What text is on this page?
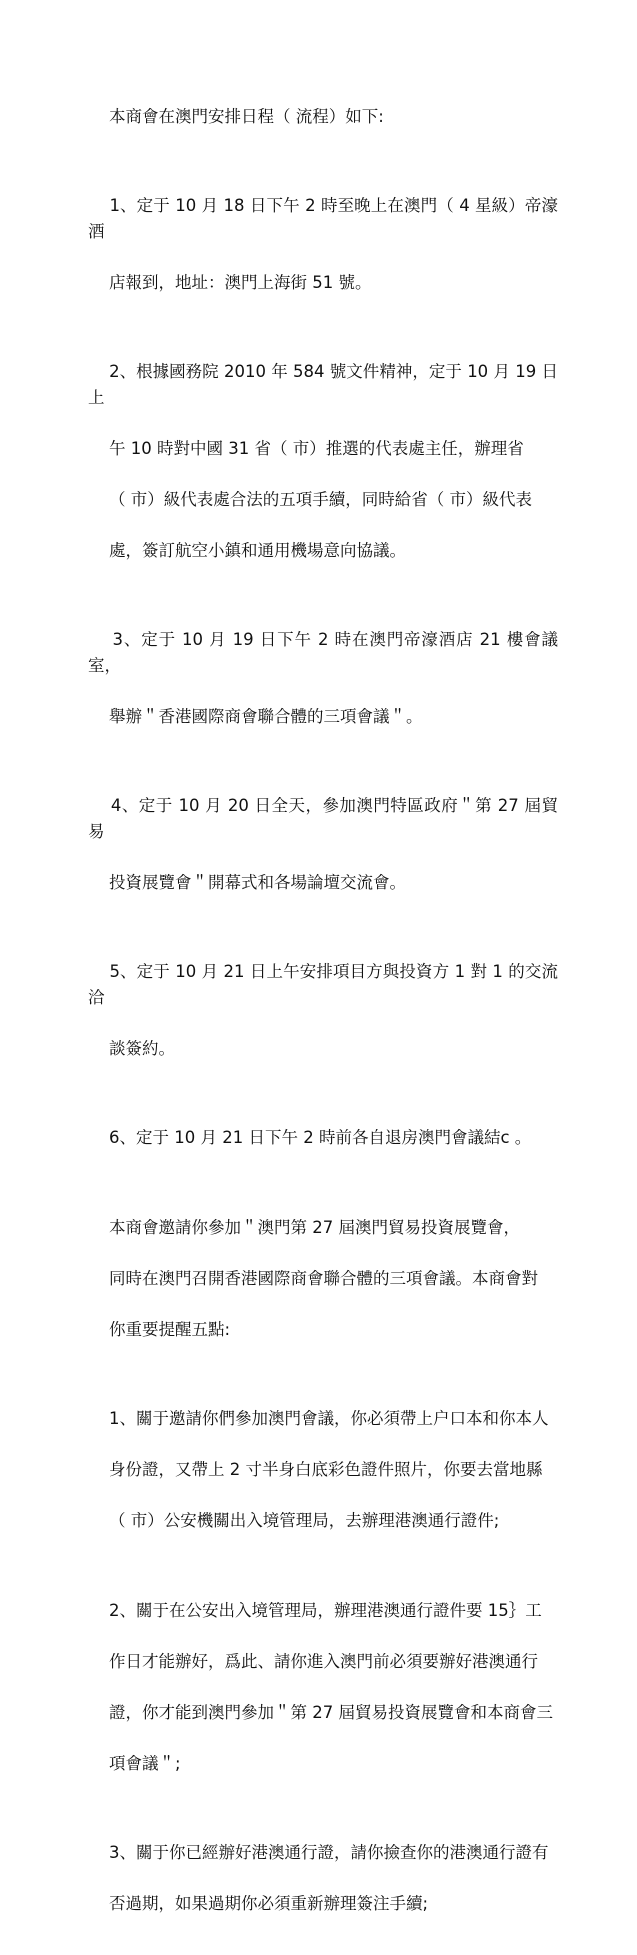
本商會在澳門安排日程（ 流程）如下:

1、定于 10 月 18 日下午 2 時至晚上在澳門（ 4 星級）帝濠酒

店報到，地址：澳門上海街 51 號。

2、根據國務院 2010 年 584 號文件精神，定于 10 月 19 日上

午 10 時對中國 31 省（ 市）推選的代表處主任，辦理省

（ 市）級代表處合法的五項手續，同時給省（ 市）級代表

處，簽訂航空小鎮和通用機場意向協議。

3、定于 10 月 19 日下午 2 時在澳門帝濠酒店 21 樓會議室，

舉辦＂香港國際商會聯合體的三項會議＂。

4、定于 10 月 20 日全天，參加澳門特區政府＂第 27 屆貿易

投資展覽會＂開幕式和各場論壇交流會。

5、定于 10 月 21 日上午安排項目方與投資方 1 對 1 的交流洽

談簽約。

6、定于 10 月 21 日下午 2 時前各自退房澳門會議結c 。

本商會邀請你參加＂澳門第 27 屆澳門貿易投資展覽會，

同時在澳門召開香港國際商會聯合體的三項會議。本商會對

你重要提醒五點:

1、關于邀請你們參加澳門會議，你必須帶上户口本和你本人

身份證，又帶上 2 寸半身白底彩色證件照片，你要去當地縣

（ 市）公安機關出入境管理局，去辦理港澳通行證件;

2、關于在公安出入境管理局，辦理港澳通行證件要 15｝工

作日才能辦好，爲此、請你進入澳門前必須要辦好港澳通行

證，你才能到澳門參加＂第 27 屆貿易投資展覽會和本商會三

項會議＂;

3、關于你已經辦好港澳通行證，請你撿查你的港澳通行證有

否過期，如果過期你必須重新辦理簽注手續;
